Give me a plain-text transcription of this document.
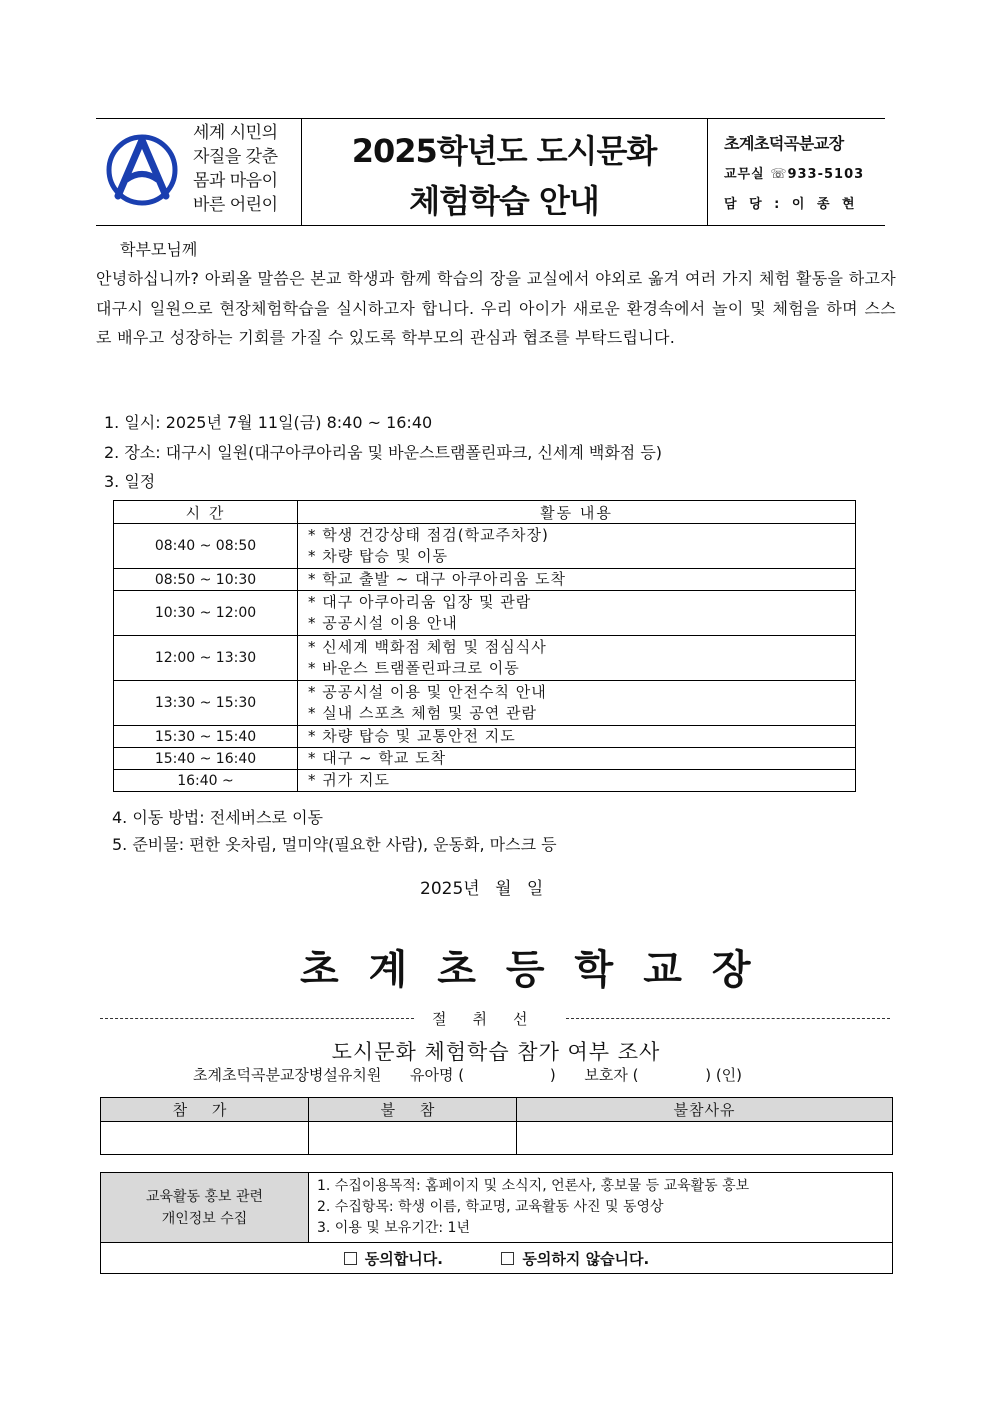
세계 시민의
자질을 갖춘
몸과 마음이
바른 어린이
2025학년도 도시문화
체험학습 안내
초계초덕곡분교장
교무실 ☏933-5103
담 당 : 이 종 현
학부모님께
안녕하십니까? 아뢰올 말씀은 본교 학생과 함께 학습의 장을 교실에서 야외로 옮겨 여러 가지 체험 활동을 하고자 대구시 일원으로 현장체험학습을 실시하고자 합니다. 우리 아이가 새로운 환경속에서 놀이 및 체험을 하며 스스로 배우고 성장하는 기회를 가질 수 있도록 학부모의 관심과 협조를 부탁드립니다.
1. 일시: 2025년 7월 11일(금) 8:40 ~ 16:40
2. 장소: 대구시 일원(대구아쿠아리움 및 바운스트램폴린파크, 신세계 백화점 등)
3. 일정
시 간	활동 내용
08:40 ~ 08:50	* 학생 건강상태 점검(학교주차장)
* 차량 탑승 및 이동

08:50 ~ 10:30	* 학교 출발 ~ 대구 아쿠아리움 도착

10:30 ~ 12:00	* 대구 아쿠아리움 입장 및 관람
* 공공시설 이용 안내

12:00 ~ 13:30	* 신세계 백화점 체험 및 점심식사
* 바운스 트램폴린파크로 이동

13:30 ~ 15:30	* 공공시설 이용 및 안전수칙 안내
* 실내 스포츠 체험 및 공연 관람

15:30 ~ 15:40	* 차량 탑승 및 교통안전 지도

15:40 ~ 16:40	* 대구 ~ 학교 도착

16:40 ~	* 귀가 지도
4. 이동 방법: 전세버스로 이동
5. 준비물: 편한 옷차림, 멀미약(필요한 사람), 운동화, 마스크 등
2025년 월 일
초계초등학교장
절취선
도시문화 체험학습 참가 여부 조사
초계초덕곡분교장병설유치원      유아명 (                  )      보호자 (              ) (인)
참 가	불 참	불참사유

교육활동 홍보 관련
개인정보 수집

1. 수집이용목적: 홈페이지 및 소식지, 언론사, 홍보물 등 교육활동 홍보
2. 수집항목: 학생 이름, 학교명, 교육활동 사진 및 동영상
3. 이용 및 보유기간: 1년

동의합니다.	동의하지 않습니다.
